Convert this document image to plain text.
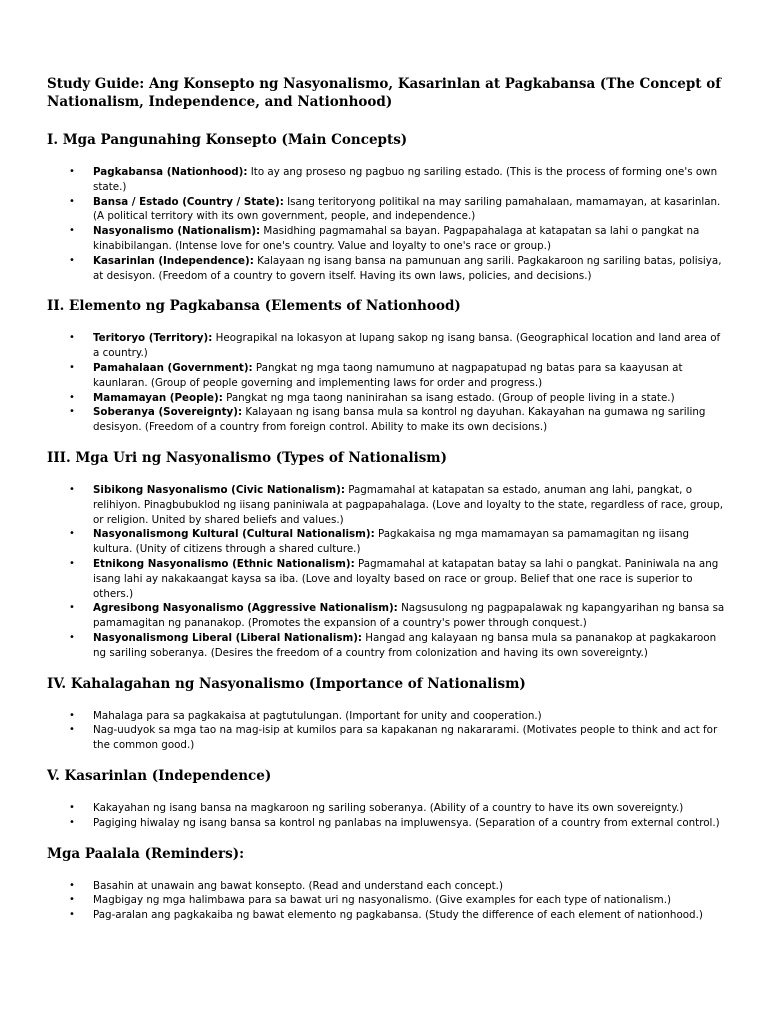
Study Guide: Ang Konsepto ng Nasyonalismo, Kasarinlan at Pagkabansa (The Concept of Nationalism, Independence, and Nationhood)
I. Mga Pangunahing Konsepto (Main Concepts)
• Pagkabansa (Nationhood): Ito ay ang proseso ng pagbuo ng sariling estado. (This is the process of forming one's own state.)
• Bansa / Estado (Country / State): Isang teritoryong politikal na may sariling pamahalaan, mamamayan, at kasarinlan. (A political territory with its own government, people, and independence.)
• Nasyonalismo (Nationalism): Masidhing pagmamahal sa bayan. Pagpapahalaga at katapatan sa lahi o pangkat na kinabibilangan. (Intense love for one's country. Value and loyalty to one's race or group.)
• Kasarinlan (Independence): Kalayaan ng isang bansa na pamunuan ang sarili. Pagkakaroon ng sariling batas, polisiya, at desisyon. (Freedom of a country to govern itself. Having its own laws, policies, and decisions.)
II. Elemento ng Pagkabansa (Elements of Nationhood)
• Teritoryo (Territory): Heograpikal na lokasyon at lupang sakop ng isang bansa. (Geographical location and land area of a country.)
• Pamahalaan (Government): Pangkat ng mga taong namumuno at nagpapatupad ng batas para sa kaayusan at kaunlaran. (Group of people governing and implementing laws for order and progress.)
• Mamamayan (People): Pangkat ng mga taong naninirahan sa isang estado. (Group of people living in a state.)
• Soberanya (Sovereignty): Kalayaan ng isang bansa mula sa kontrol ng dayuhan. Kakayahan na gumawa ng sariling desisyon. (Freedom of a country from foreign control. Ability to make its own decisions.)
III. Mga Uri ng Nasyonalismo (Types of Nationalism)
• Sibikong Nasyonalismo (Civic Nationalism): Pagmamahal at katapatan sa estado, anuman ang lahi, pangkat, o relihiyon. Pinagbubuklod ng iisang paniniwala at pagpapahalaga. (Love and loyalty to the state, regardless of race, group, or religion. United by shared beliefs and values.)
• Nasyonalismong Kultural (Cultural Nationalism): Pagkakaisa ng mga mamamayan sa pamamagitan ng iisang kultura. (Unity of citizens through a shared culture.)
• Etnikong Nasyonalismo (Ethnic Nationalism): Pagmamahal at katapatan batay sa lahi o pangkat. Paniniwala na ang isang lahi ay nakakaangat kaysa sa iba. (Love and loyalty based on race or group. Belief that one race is superior to others.)
• Agresibong Nasyonalismo (Aggressive Nationalism): Nagsusulong ng pagpapalawak ng kapangyarihan ng bansa sa pamamagitan ng pananakop. (Promotes the expansion of a country's power through conquest.)
• Nasyonalismong Liberal (Liberal Nationalism): Hangad ang kalayaan ng bansa mula sa pananakop at pagkakaroon ng sariling soberanya. (Desires the freedom of a country from colonization and having its own sovereignty.)
IV. Kahalagahan ng Nasyonalismo (Importance of Nationalism)
• Mahalaga para sa pagkakaisa at pagtutulungan. (Important for unity and cooperation.)
• Nag-uudyok sa mga tao na mag-isip at kumilos para sa kapakanan ng nakararami. (Motivates people to think and act for the common good.)
V. Kasarinlan (Independence)
• Kakayahan ng isang bansa na magkaroon ng sariling soberanya. (Ability of a country to have its own sovereignty.)
• Pagiging hiwalay ng isang bansa sa kontrol ng panlabas na impluwensya. (Separation of a country from external control.)
Mga Paalala (Reminders):
• Basahin at unawain ang bawat konsepto. (Read and understand each concept.)
• Magbigay ng mga halimbawa para sa bawat uri ng nasyonalismo. (Give examples for each type of nationalism.)
• Pag-aralan ang pagkakaiba ng bawat elemento ng pagkabansa. (Study the difference of each element of nationhood.)
